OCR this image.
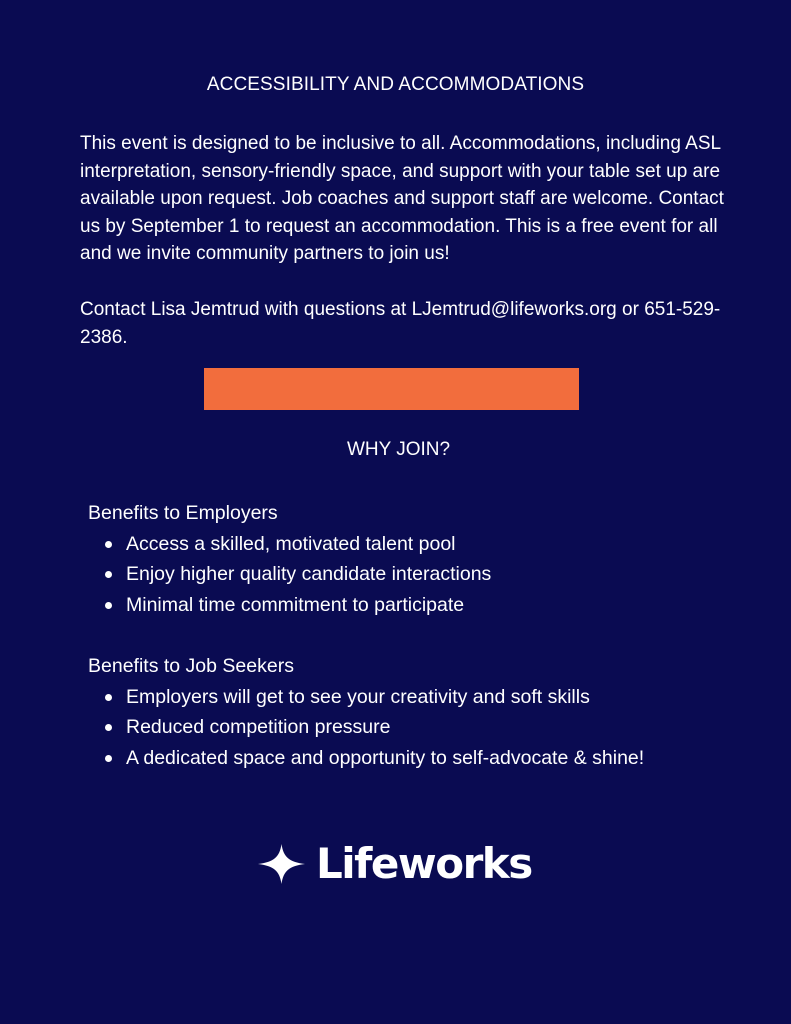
ACCESSIBILITY AND ACCOMMODATIONS
This event is designed to be inclusive to all. Accommodations, including ASL interpretation, sensory-friendly space, and support with your table set up are available upon request. Job coaches and support staff are welcome. Contact us by September 1 to request an accommodation. This is a free event for all and we invite community partners to join us!
Contact Lisa Jemtrud with questions at LJemtrud@lifeworks.org or 651-529-2386.
WHY JOIN?

Benefits to Employers

Access a skilled, motivated talent pool
Enjoy higher quality candidate interactions
Minimal time commitment to participate

Benefits to Job Seekers

Employers will get to see your creativity and soft skills
Reduced competition pressure
A dedicated space and opportunity to self-advocate & shine!
Lifeworks
